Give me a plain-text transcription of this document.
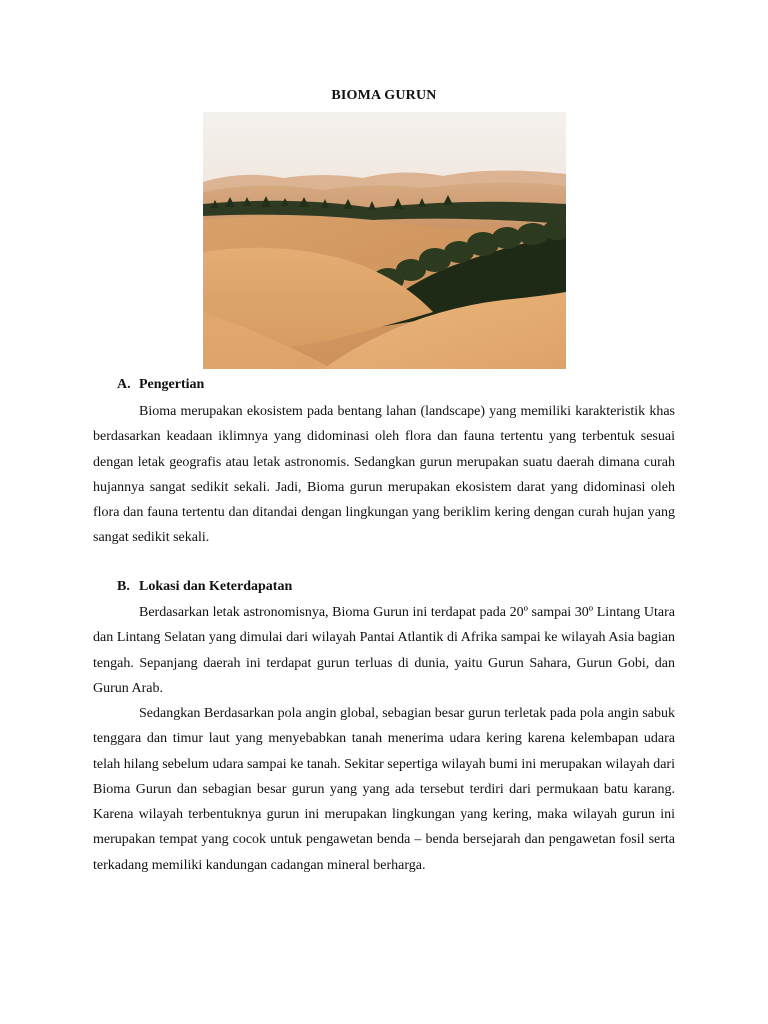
BIOMA GURUN
A. Pengertian

Bioma merupakan ekosistem pada bentang lahan (landscape) yang memiliki karakteristik khas berdasarkan keadaan iklimnya yang didominasi oleh flora dan fauna tertentu yang terbentuk sesuai dengan letak geografis atau letak astronomis. Sedangkan gurun merupakan suatu daerah dimana curah hujannya sangat sedikit sekali. Jadi, Bioma gurun merupakan ekosistem darat yang didominasi oleh flora dan fauna tertentu dan ditandai dengan lingkungan yang beriklim kering dengan curah hujan yang sangat sedikit sekali.

B. Lokasi dan Keterdapatan

Berdasarkan letak astronomisnya, Bioma Gurun ini terdapat pada 20º sampai 30º Lintang Utara dan Lintang Selatan yang dimulai dari wilayah Pantai Atlantik di Afrika sampai ke wilayah Asia bagian tengah. Sepanjang daerah ini terdapat gurun terluas di dunia, yaitu Gurun Sahara, Gurun Gobi, dan Gurun Arab.

Sedangkan Berdasarkan pola angin global, sebagian besar gurun terletak pada pola angin sabuk tenggara dan timur laut yang menyebabkan tanah menerima udara kering karena kelembapan udara telah hilang sebelum udara sampai ke tanah. Sekitar sepertiga wilayah bumi ini merupakan wilayah dari Bioma Gurun dan sebagian besar gurun yang yang ada tersebut terdiri dari permukaan batu karang. Karena wilayah terbentuknya gurun ini merupakan lingkungan yang kering, maka wilayah gurun ini merupakan tempat yang cocok untuk pengawetan benda – benda bersejarah dan pengawetan fosil serta terkadang memiliki kandungan cadangan mineral berharga.
